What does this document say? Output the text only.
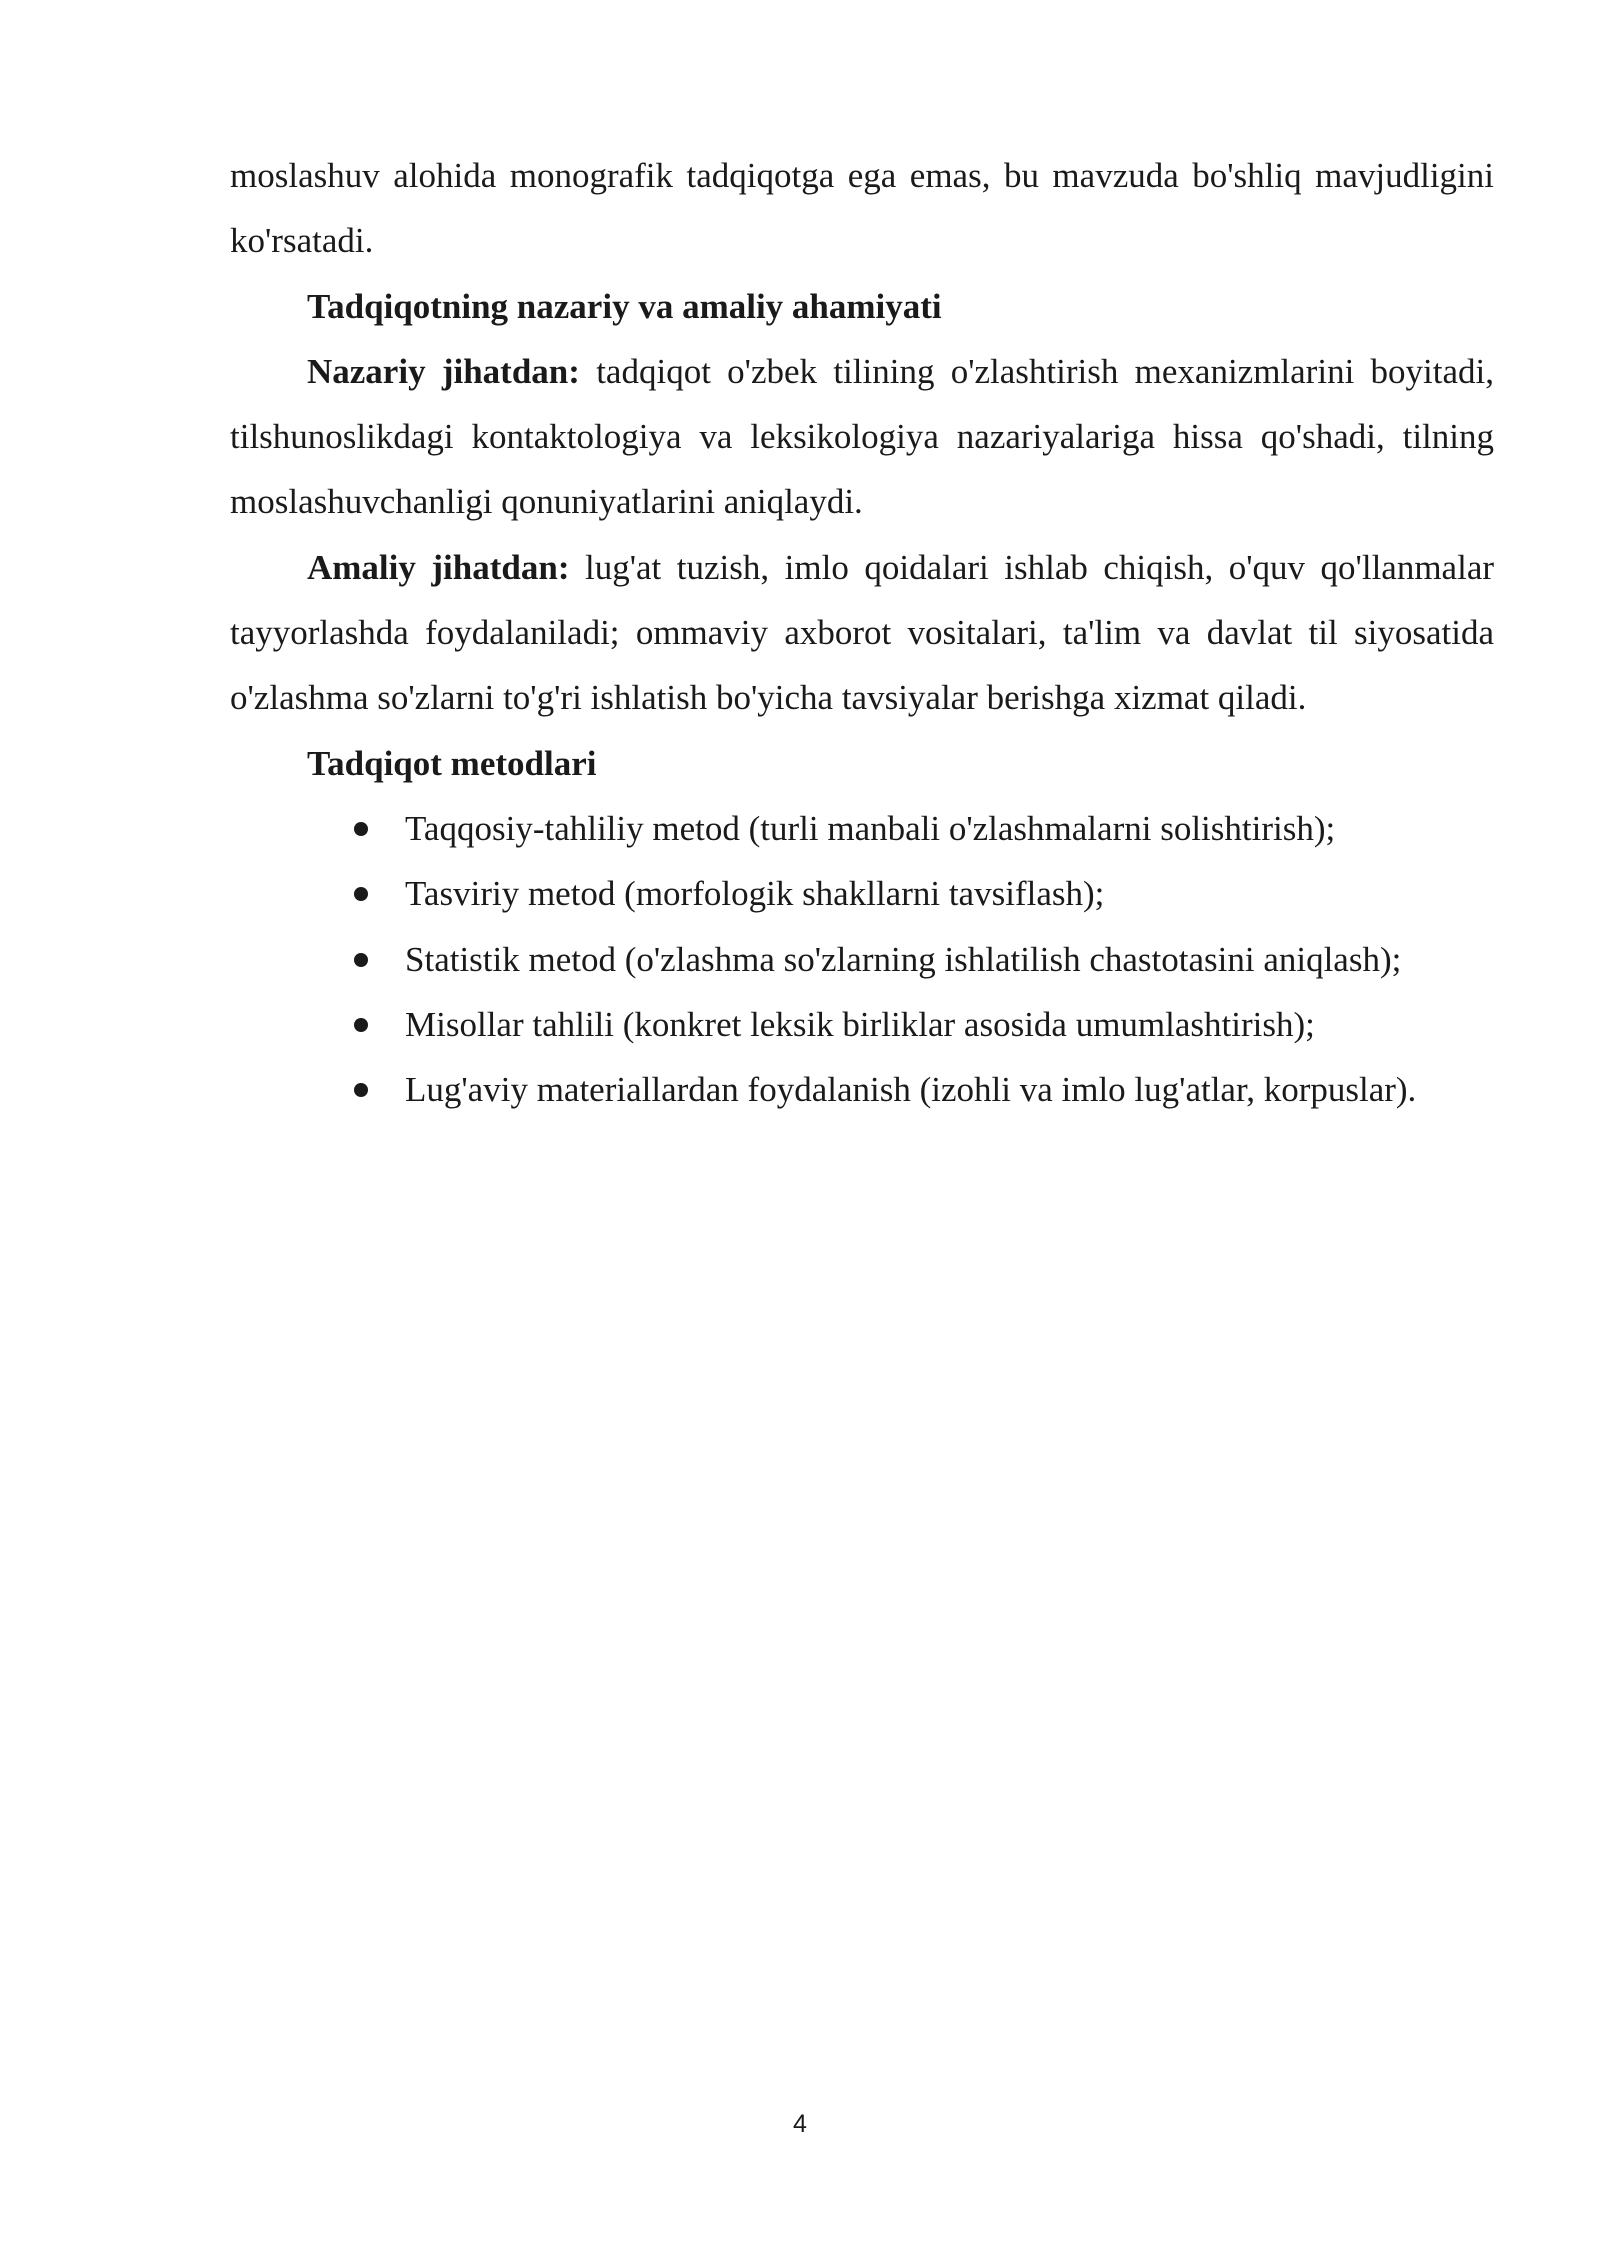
moslashuv alohida monografik tadqiqotga ega emas, bu mavzuda bo'shliq mavjudligini ko'rsatadi.

Tadqiqotning nazariy va amaliy ahamiyati

Nazariy jihatdan: tadqiqot o'zbek tilining o'zlashtirish mexanizmlarini boyitadi, tilshunoslikdagi kontaktologiya va leksikologiya nazariyalariga hissa qo'shadi, tilning moslashuvchanligi qonuniyatlarini aniqlaydi.

Amaliy jihatdan: lug'at tuzish, imlo qoidalari ishlab chiqish, o'quv qo'llanmalar tayyorlashda foydalaniladi; ommaviy axborot vositalari, ta'lim va davlat til siyosatida o'zlashma so'zlarni to'g'ri ishlatish bo'yicha tavsiyalar berishga xizmat qiladi.

Tadqiqot metodlari

Taqqosiy-tahliliy metod (turli manbali o'zlashmalarni solishtirish);
Tasviriy metod (morfologik shakllarni tavsiflash);
Statistik metod (o'zlashma so'zlarning ishlatilish chastotasini aniqlash);
Misollar tahlili (konkret leksik birliklar asosida umumlashtirish);
Lug'aviy materiallardan foydalanish (izohli va imlo lug'atlar, korpuslar).
4
